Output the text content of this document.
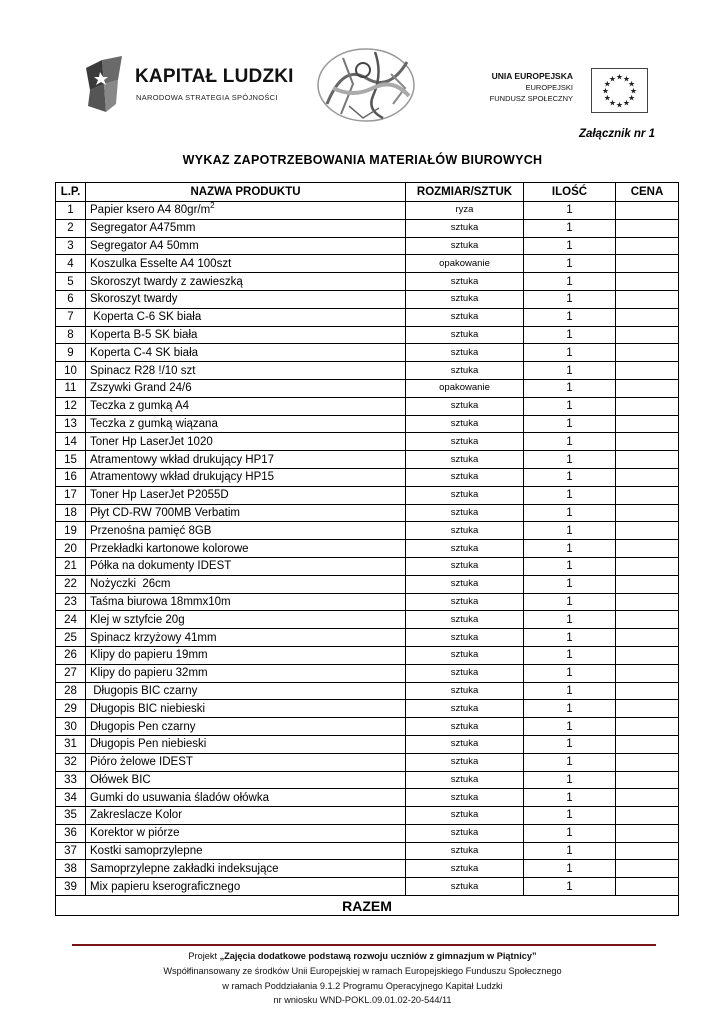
KAPITAŁ LUDZKI
NARODOWA STRATEGIA SPÓJNOŚCI
UNIA EUROPEJSKA
EUROPEJSKI
FUNDUSZ SPOŁECZNY
★
★
★
★
★
★
★
★
★ ★ ★
★
Załącznik nr 1
WYKAZ ZAPOTRZEBOWANIA MATERIAŁÓW BIUROWYCH
L.P.	NAZWA PRODUKTU	ROZMIAR/SZTUK	ILOŚĆ	CENA
1	Papier ksero A4 $80gr/m^2$	ryza	1	
2	Segregator A475mm	sztuka	1	
3	Segregator A4 50mm	sztuka	1	
4	Koszulka Esselte A4 100szt	opakowanie	1	
5	Skoroszyt twardy z zawieszką	sztuka	1	
6	Skoroszyt twardy	sztuka	1	
7	Koperta C-6 SK biała	sztuka	1	
8	Koperta B-5 SK biała	sztuka	1	
9	Koperta C-4 SK biała	sztuka	1	
10	Spinacz R28 !/10 szt	sztuka	1	
11	Zszywki Grand 24/6	opakowanie	1	
12	Teczka z gumką A4	sztuka	1	
13	Teczka z gumką wiązana	sztuka	1	
14	Toner Hp LaserJet 1020	sztuka	1	
15	Atramentowy wkład drukujący HP17	sztuka	1	
16	Atramentowy wkład drukujący HP15	sztuka	1	
17	Toner Hp LaserJet P2055D	sztuka	1	
18	Płyt CD-RW 700MB Verbatim	sztuka	1	
19	Przenośna pamięć 8GB	sztuka	1	
20	Przekładki kartonowe kolorowe	sztuka	1	
21	Półka na dokumenty IDEST	sztuka	1	
22	Nożyczki  26cm	sztuka	1	
23	Taśma biurowa 18mmx10m	sztuka	1	
24	Klej w sztyfcie 20g	sztuka	1	
25	Spinacz krzyżowy 41mm	sztuka	1	
26	Klipy do papieru 19mm	sztuka	1	
27	Klipy do papieru 32mm	sztuka	1	
28	Długopis BIC czarny	sztuka	1	
29	Długopis BIC niebieski	sztuka	1	
30	Długopis Pen czarny	sztuka	1	
31	Długopis Pen niebieski	sztuka	1	
32	Pióro żelowe IDEST	sztuka	1	
33	Ołówek BIC	sztuka	1	
34	Gumki do usuwania śladów ołówka	sztuka	1	
35	Zakreslacze Kolor	sztuka	1	
36	Korektor w piórze	sztuka	1	
37	Kostki samoprzylepne	sztuka	1	
38	Samoprzylepne zakładki indeksujące	sztuka	1	
39	Mix papieru kserograficznego	sztuka	1	
RAZEM				
Projekt „Zajęcia dodatkowe podstawą rozwoju uczniów z gimnazjum w Piątnicy”
Współfinansowany ze środków Unii Europejskiej w ramach Europejskiego Funduszu Społecznego
w ramach Poddziałania 9.1.2 Programu Operacyjnego Kapitał Ludzki
nr wniosku WND-POKL.09.01.02-20-544/11
